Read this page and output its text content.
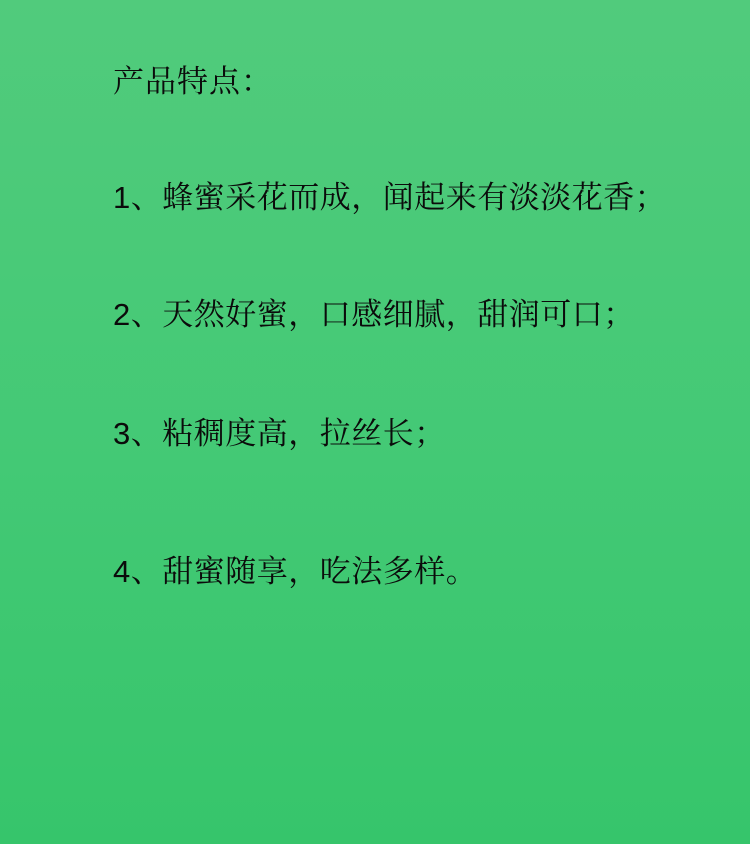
产品特点：
1、蜂蜜采花而成，闻起来有淡淡花香；
2、天然好蜜，口感细腻，甜润可口；
3、粘稠度高，拉丝长；
4、甜蜜随享，吃法多样。
